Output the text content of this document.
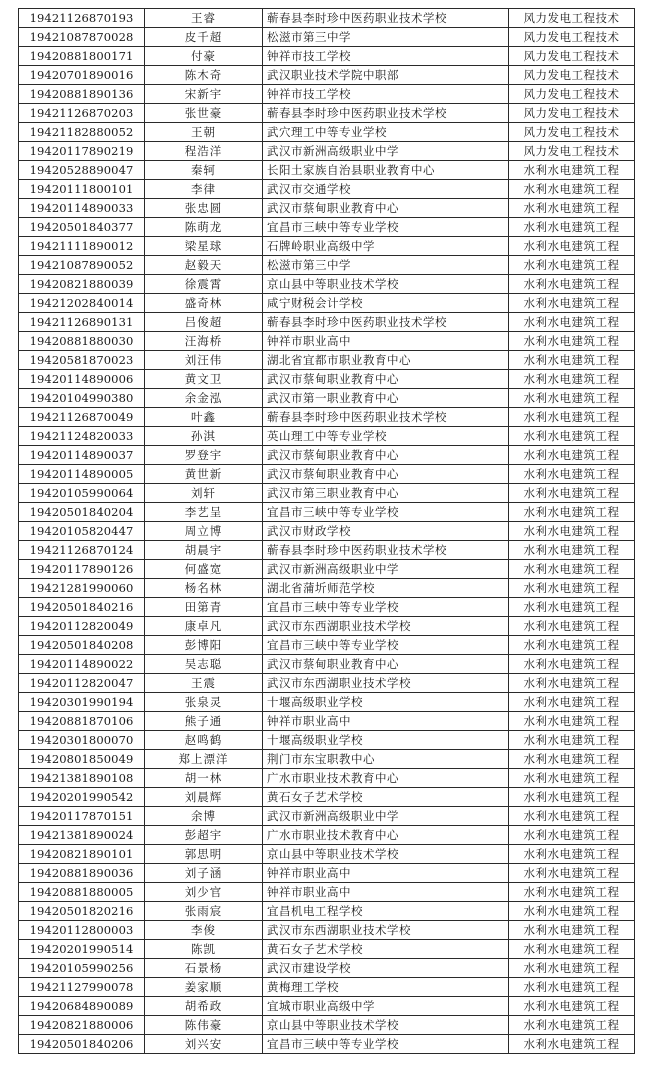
19421126870193	王睿	蕲春县李时珍中医药职业技术学校	风力发电工程技术
19421087870028	皮千超	松滋市第三中学	风力发电工程技术
19420881800171	付豪	钟祥市技工学校	风力发电工程技术
19420701890016	陈木奇	武汉职业技术学院中职部	风力发电工程技术
19420881890136	宋新宇	钟祥市技工学校	风力发电工程技术
19421126870203	张世豪	蕲春县李时珍中医药职业技术学校	风力发电工程技术
19421182880052	王朝	武穴理工中等专业学校	风力发电工程技术
19420117890219	程浩洋	武汉市新洲高级职业中学	风力发电工程技术
19420528890047	秦轲	长阳土家族自治县职业教育中心	水利水电建筑工程
19420111800101	李律	武汉市交通学校	水利水电建筑工程
19420114890033	张忠圆	武汉市蔡甸职业教育中心	水利水电建筑工程
19420501840377	陈萌龙	宜昌市三峡中等专业学校	水利水电建筑工程
19421111890012	梁星球	石牌岭职业高级中学	水利水电建筑工程
19421087890052	赵毅天	松滋市第三中学	水利水电建筑工程
19420821880039	徐震霄	京山县中等职业技术学校	水利水电建筑工程
19421202840014	盛奇林	咸宁财税会计学校	水利水电建筑工程
19421126890131	吕俊超	蕲春县李时珍中医药职业技术学校	水利水电建筑工程
19420881880030	汪海桥	钟祥市职业高中	水利水电建筑工程
19420581870023	刘汪伟	湖北省宜都市职业教育中心	水利水电建筑工程
19420114890006	黄文卫	武汉市蔡甸职业教育中心	水利水电建筑工程
19420104990380	余金泓	武汉市第一职业教育中心	水利水电建筑工程
19421126870049	叶鑫	蕲春县李时珍中医药职业技术学校	水利水电建筑工程
19421124820033	孙淇	英山理工中等专业学校	水利水电建筑工程
19420114890037	罗登宇	武汉市蔡甸职业教育中心	水利水电建筑工程
19420114890005	黄世新	武汉市蔡甸职业教育中心	水利水电建筑工程
19420105990064	刘轩	武汉市第三职业教育中心	水利水电建筑工程
19420501840204	李艺呈	宜昌市三峡中等专业学校	水利水电建筑工程
19420105820447	周立博	武汉市财政学校	水利水电建筑工程
19421126870124	胡晨宇	蕲春县李时珍中医药职业技术学校	水利水电建筑工程
19420117890126	何盛宽	武汉市新洲高级职业中学	水利水电建筑工程
19421281990060	杨名林	湖北省蒲圻师范学校	水利水电建筑工程
19420501840216	田第青	宜昌市三峡中等专业学校	水利水电建筑工程
19420112820049	康卓凡	武汉市东西湖职业技术学校	水利水电建筑工程
19420501840208	彭博阳	宜昌市三峡中等专业学校	水利水电建筑工程
19420114890022	吴志聪	武汉市蔡甸职业教育中心	水利水电建筑工程
19420112820047	王震	武汉市东西湖职业技术学校	水利水电建筑工程
19420301990194	张泉灵	十堰高级职业学校	水利水电建筑工程
19420881870106	熊子通	钟祥市职业高中	水利水电建筑工程
19420301800070	赵鸣鹤	十堰高级职业学校	水利水电建筑工程
19420801850049	郑上漂洋	荆门市东宝职教中心	水利水电建筑工程
19421381890108	胡一林	广水市职业技术教育中心	水利水电建筑工程
19420201990542	刘晨辉	黄石女子艺术学校	水利水电建筑工程
19420117870151	余博	武汉市新洲高级职业中学	水利水电建筑工程
19421381890024	彭超宇	广水市职业技术教育中心	水利水电建筑工程
19420821890101	郭思明	京山县中等职业技术学校	水利水电建筑工程
19420881890036	刘子涵	钟祥市职业高中	水利水电建筑工程
19420881880005	刘少官	钟祥市职业高中	水利水电建筑工程
19420501820216	张雨宸	宜昌机电工程学校	水利水电建筑工程
19420112800003	李俊	武汉市东西湖职业技术学校	水利水电建筑工程
19420201990514	陈凯	黄石女子艺术学校	水利水电建筑工程
19420105990256	石景杨	武汉市建设学校	水利水电建筑工程
19421127990078	姜家顺	黄梅理工学校	水利水电建筑工程
19420684890089	胡希政	宜城市职业高级中学	水利水电建筑工程
19420821880006	陈伟豪	京山县中等职业技术学校	水利水电建筑工程
19420501840206	刘兴安	宜昌市三峡中等专业学校	水利水电建筑工程
